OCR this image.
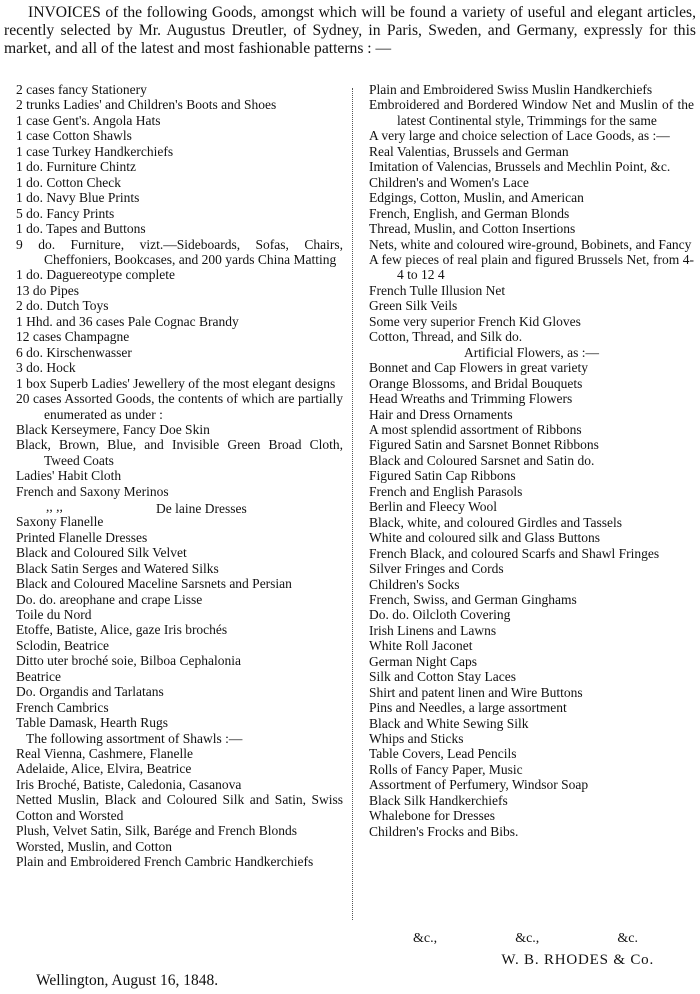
INVOICES of the following Goods, amongst which will be found a variety of useful and elegant articles, recently selected by Mr. Augustus Dreutler, of Sydney, in Paris, Sweden, and Germany, expressly for this market, and all of the latest and most fashionable patterns : —

2 cases fancy Stationery
2 trunks Ladies' and Children's Boots and Shoes
1 case Gent's. Angola Hats
1 case Cotton Shawls
1 case Turkey Handkerchiefs
1 do. Furniture Chintz
1 do. Cotton Check
1 do. Navy Blue Prints
5 do. Fancy Prints
1 do. Tapes and Buttons
9 do. Furniture, vizt.—Sideboards, Sofas, Chairs, Cheffoniers, Bookcases, and 200 yards China Matting
1 do. Daguereotype complete
13 do Pipes
2 do. Dutch Toys
1 Hhd. and 36 cases Pale Cognac Brandy
12 cases Champagne
6 do. Kirschenwasser
3 do. Hock
1 box Superb Ladies' Jewellery of the most elegant designs
20 cases Assorted Goods, the contents of which are partially enumerated as under :
Black Kerseymere, Fancy Doe Skin
Black, Brown, Blue, and Invisible Green Broad Cloth, Tweed Coats
Ladies' Habit Cloth
French and Saxony Merinos
,, ,,	De laine Dresses
Saxony Flanelle
Printed Flanelle Dresses
Black and Coloured Silk Velvet
Black Satin Serges and Watered Silks
Black and Coloured Maceline Sarsnets and Persian
Do. do. areophane and crape Lisse
Toile du Nord
Etoffe, Batiste, Alice, gaze Iris brochés
Sclodin, Beatrice
Ditto uter broché soie, Bilboa Cephalonia
Beatrice
Do. Organdis and Tarlatans
French Cambrics
Table Damask, Hearth Rugs
The following assortment of Shawls :—
Real Vienna, Cashmere, Flanelle
Adelaide, Alice, Elvira, Beatrice
Iris Broché, Batiste, Caledonia, Casanova
Netted Muslin, Black and Coloured Silk and Satin, Swiss Cotton and Worsted
Plush, Velvet Satin, Silk, Barége and French Blonds
Worsted, Muslin, and Cotton
Plain and Embroidered French Cambric Handkerchiefs
Plain and Embroidered Swiss Muslin Handkerchiefs
Embroidered and Bordered Window Net and Muslin of the latest Continental style, Trimmings for the same
A very large and choice selection of Lace Goods, as :—
Real Valentias, Brussels and German
Imitation of Valencias, Brussels and Mechlin Point, &c.
Children's and Women's Lace
Edgings, Cotton, Muslin, and American
French, English, and German Blonds
Thread, Muslin, and Cotton Insertions
Nets, white and coloured wire-ground, Bobinets, and Fancy
A few pieces of real plain and figured Brussels Net, from 4-4 to 12 4
French Tulle Illusion Net
Green Silk Veils
Some very superior French Kid Gloves
Cotton, Thread, and Silk do.
Artificial Flowers, as :—
Bonnet and Cap Flowers in great variety
Orange Blossoms, and Bridal Bouquets
Head Wreaths and Trimming Flowers
Hair and Dress Ornaments
A most splendid assortment of Ribbons
Figured Satin and Sarsnet Bonnet Ribbons
Black and Coloured Sarsnet and Satin do.
Figured Satin Cap Ribbons
French and English Parasols
Berlin and Fleecy Wool
Black, white, and coloured Girdles and Tassels
White and coloured silk and Glass Buttons
French Black, and coloured Scarfs and Shawl Fringes
Silver Fringes and Cords
Children's Socks
French, Swiss, and German Ginghams
Do. do. Oilcloth Covering
Irish Linens and Lawns
White Roll Jaconet
German Night Caps
Silk and Cotton Stay Laces
Shirt and patent linen and Wire Buttons
Pins and Needles, a large assortment
Black and White Sewing Silk
Whips and Sticks
Table Covers, Lead Pencils
Rolls of Fancy Paper, Music
Assortment of Perfumery, Windsor Soap
Black Silk Handkerchiefs
Whalebone for Dresses
Children's Frocks and Bibs.
&c.,	&c.,	&c.
W. B. RHODES & Co.
Wellington, August 16, 1848.
